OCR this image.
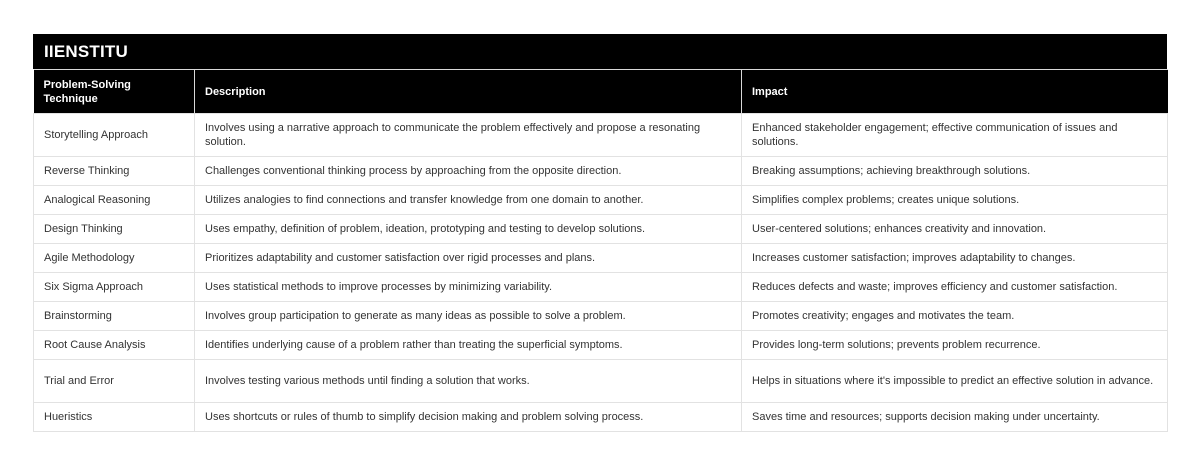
IIENSTITU
Problem-Solving Technique	Description	Impact
Storytelling Approach	Involves using a narrative approach to communicate the problem effectively and propose a resonating solution.	Enhanced stakeholder engagement; effective communication of issues and solutions.
Reverse Thinking	Challenges conventional thinking process by approaching from the opposite direction.	Breaking assumptions; achieving breakthrough solutions.
Analogical Reasoning	Utilizes analogies to find connections and transfer knowledge from one domain to another.	Simplifies complex problems; creates unique solutions.
Design Thinking	Uses empathy, definition of problem, ideation, prototyping and testing to develop solutions.	User-centered solutions; enhances creativity and innovation.
Agile Methodology	Prioritizes adaptability and customer satisfaction over rigid processes and plans.	Increases customer satisfaction; improves adaptability to changes.
Six Sigma Approach	Uses statistical methods to improve processes by minimizing variability.	Reduces defects and waste; improves efficiency and customer satisfaction.
Brainstorming	Involves group participation to generate as many ideas as possible to solve a problem.	Promotes creativity; engages and motivates the team.
Root Cause Analysis	Identifies underlying cause of a problem rather than treating the superficial symptoms.	Provides long-term solutions; prevents problem recurrence.
Trial and Error	Involves testing various methods until finding a solution that works.	Helps in situations where it's impossible to predict an effective solution in advance.
Hueristics	Uses shortcuts or rules of thumb to simplify decision making and problem solving process.	Saves time and resources; supports decision making under uncertainty.
